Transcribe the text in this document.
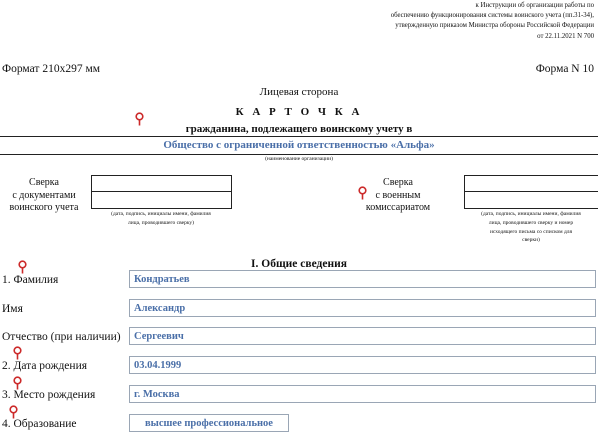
к Инструкции об организации работы по
обеспечению функционирования системы воинского учета (пп.31-34),
утвержденную приказом Министра обороны Российской Федерации
от 22.11.2021 N 700
Формат 210х297 мм	Форма N 10
Лицевая сторона
К А Р Т О Ч К А
гражданина, подлежащего воинскому учету в
Общество с ограниченной ответственностью «Альфа»
(наименование организации)
Сверка
с документами
воинского учета
(дата, подпись, инициалы имени, фамилия
лица, проводившего сверку)
Сверка
с военным
комиссариатом
(дата, подпись, инициалы имени, фамилия
лица, проводившего сверку и номер
исходящего письма со списком для
сверки)
I. Общие сведения
1. Фамилия	Кондратьев
Имя	Александр
Отчество (при наличии)	Сергеевич
2. Дата рождения	03.04.1999
3. Место рождения	г. Москва
4. Образование	высшее профессиональное
